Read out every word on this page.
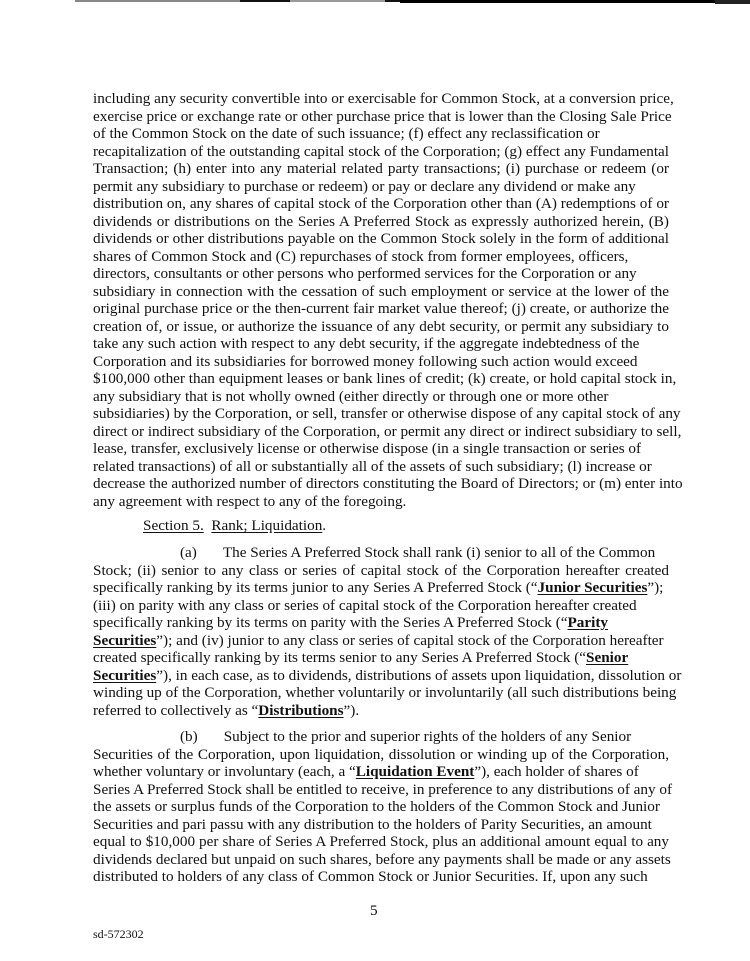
including any security convertible into or exercisable for Common Stock, at a conversion price,
exercise price or exchange rate or other purchase price that is lower than the Closing Sale Price
of the Common Stock on the date of such issuance; (f) effect any reclassification or
recapitalization of the outstanding capital stock of the Corporation; (g) effect any Fundamental
Transaction; (h) enter into any material related party transactions; (i) purchase or redeem (or
permit any subsidiary to purchase or redeem) or pay or declare any dividend or make any
distribution on, any shares of capital stock of the Corporation other than (A) redemptions of or
dividends or distributions on the Series A Preferred Stock as expressly authorized herein, (B)
dividends or other distributions payable on the Common Stock solely in the form of additional
shares of Common Stock and (C) repurchases of stock from former employees, officers,
directors, consultants or other persons who performed services for the Corporation or any
subsidiary in connection with the cessation of such employment or service at the lower of the
original purchase price or the then-current fair market value thereof; (j) create, or authorize the
creation of, or issue, or authorize the issuance of any debt security, or permit any subsidiary to
take any such action with respect to any debt security, if the aggregate indebtedness of the
Corporation and its subsidiaries for borrowed money following such action would exceed
$100,000 other than equipment leases or bank lines of credit; (k) create, or hold capital stock in,
any subsidiary that is not wholly owned (either directly or through one or more other
subsidiaries) by the Corporation, or sell, transfer or otherwise dispose of any capital stock of any
direct or indirect subsidiary of the Corporation, or permit any direct or indirect subsidiary to sell,
lease, transfer, exclusively license or otherwise dispose (in a single transaction or series of
related transactions) of all or substantially all of the assets of such subsidiary; (l) increase or
decrease the authorized number of directors constituting the Board of Directors; or (m) enter into
any agreement with respect to any of the foregoing.
Section 5. Rank; Liquidation.
(a) The Series A Preferred Stock shall rank (i) senior to all of the Common
Stock; (ii) senior to any class or series of capital stock of the Corporation hereafter created
specifically ranking by its terms junior to any Series A Preferred Stock (“Junior Securities”);
(iii) on parity with any class or series of capital stock of the Corporation hereafter created
specifically ranking by its terms on parity with the Series A Preferred Stock (“Parity
Securities”); and (iv) junior to any class or series of capital stock of the Corporation hereafter
created specifically ranking by its terms senior to any Series A Preferred Stock (“Senior
Securities”), in each case, as to dividends, distributions of assets upon liquidation, dissolution or
winding up of the Corporation, whether voluntarily or involuntarily (all such distributions being
referred to collectively as “Distributions”).
(b) Subject to the prior and superior rights of the holders of any Senior
Securities of the Corporation, upon liquidation, dissolution or winding up of the Corporation,
whether voluntary or involuntary (each, a “Liquidation Event”), each holder of shares of
Series A Preferred Stock shall be entitled to receive, in preference to any distributions of any of
the assets or surplus funds of the Corporation to the holders of the Common Stock and Junior
Securities and pari passu with any distribution to the holders of Parity Securities, an amount
equal to $10,000 per share of Series A Preferred Stock, plus an additional amount equal to any
dividends declared but unpaid on such shares, before any payments shall be made or any assets
distributed to holders of any class of Common Stock or Junior Securities. If, upon any such
5
sd-572302
